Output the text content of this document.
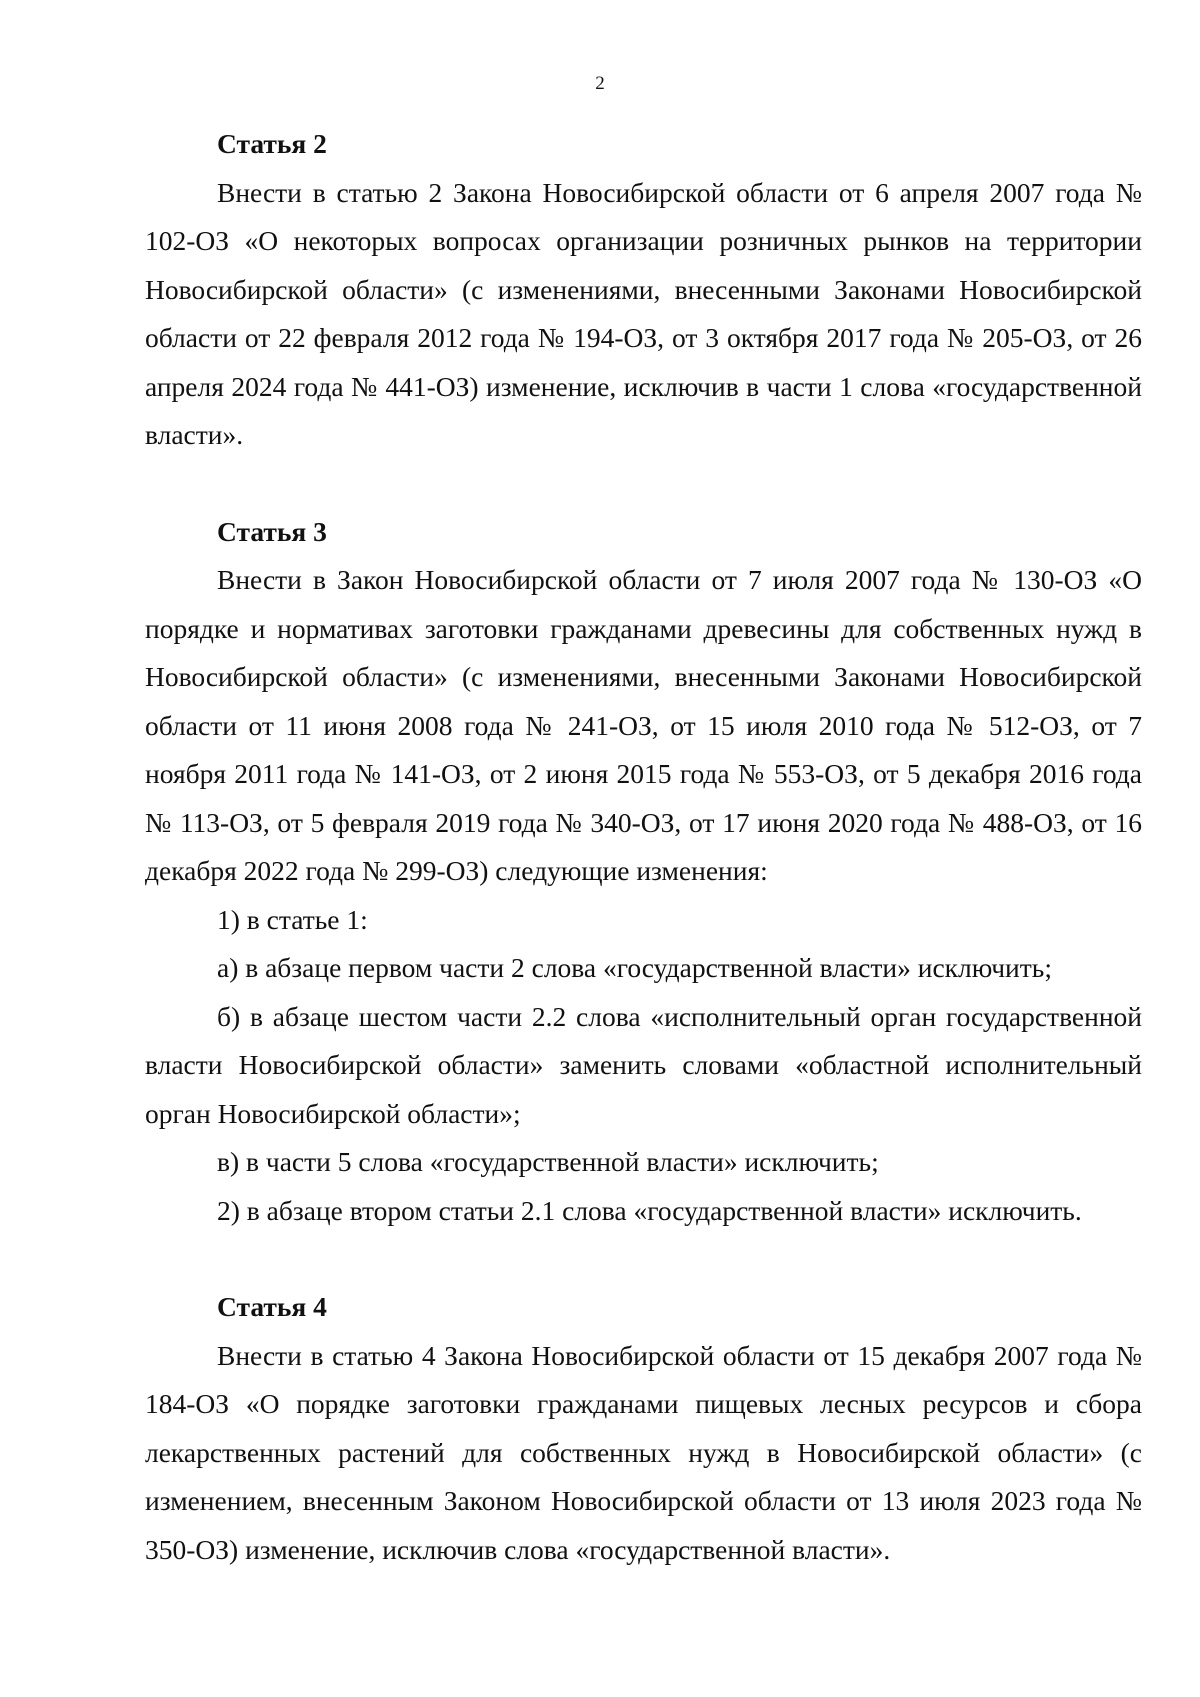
2

Статья 2

Внести в статью 2 Закона Новосибирской области от 6 апреля 2007 года № 102-ОЗ «О некоторых вопросах организации розничных рынков на территории Новосибирской области» (с изменениями, внесенными Законами Новосибирской области от 22 февраля 2012 года № 194-ОЗ, от 3 октября 2017 года № 205-ОЗ, от 26 апреля 2024 года № 441-ОЗ) изменение, исключив в части 1 слова «государственной власти».

Статья 3

Внести в Закон Новосибирской области от 7 июля 2007 года № 130-ОЗ «О порядке и нормативах заготовки гражданами древесины для собственных нужд в Новосибирской области» (с изменениями, внесенными Законами Новосибирской области от 11 июня 2008 года № 241-ОЗ, от 15 июля 2010 года № 512-ОЗ, от 7 ноября 2011 года № 141-ОЗ, от 2 июня 2015 года № 553-ОЗ, от 5 декабря 2016 года № 113-ОЗ, от 5 февраля 2019 года № 340-ОЗ, от 17 июня 2020 года № 488-ОЗ, от 16 декабря 2022 года № 299-ОЗ) следующие изменения:

1) в статье 1:

а) в абзаце первом части 2 слова «государственной власти» исключить;

б) в абзаце шестом части 2.2 слова «исполнительный орган государственной власти Новосибирской области» заменить словами «областной исполнительный орган Новосибирской области»;

в) в части 5 слова «государственной власти» исключить;

2) в абзаце втором статьи 2.1 слова «государственной власти» исключить.

Статья 4

Внести в статью 4 Закона Новосибирской области от 15 декабря 2007 года № 184-ОЗ «О порядке заготовки гражданами пищевых лесных ресурсов и сбора лекарственных растений для собственных нужд в Новосибирской области» (с изменением, внесенным Законом Новосибирской области от 13 июля 2023 года № 350-ОЗ) изменение, исключив слова «государственной власти».
